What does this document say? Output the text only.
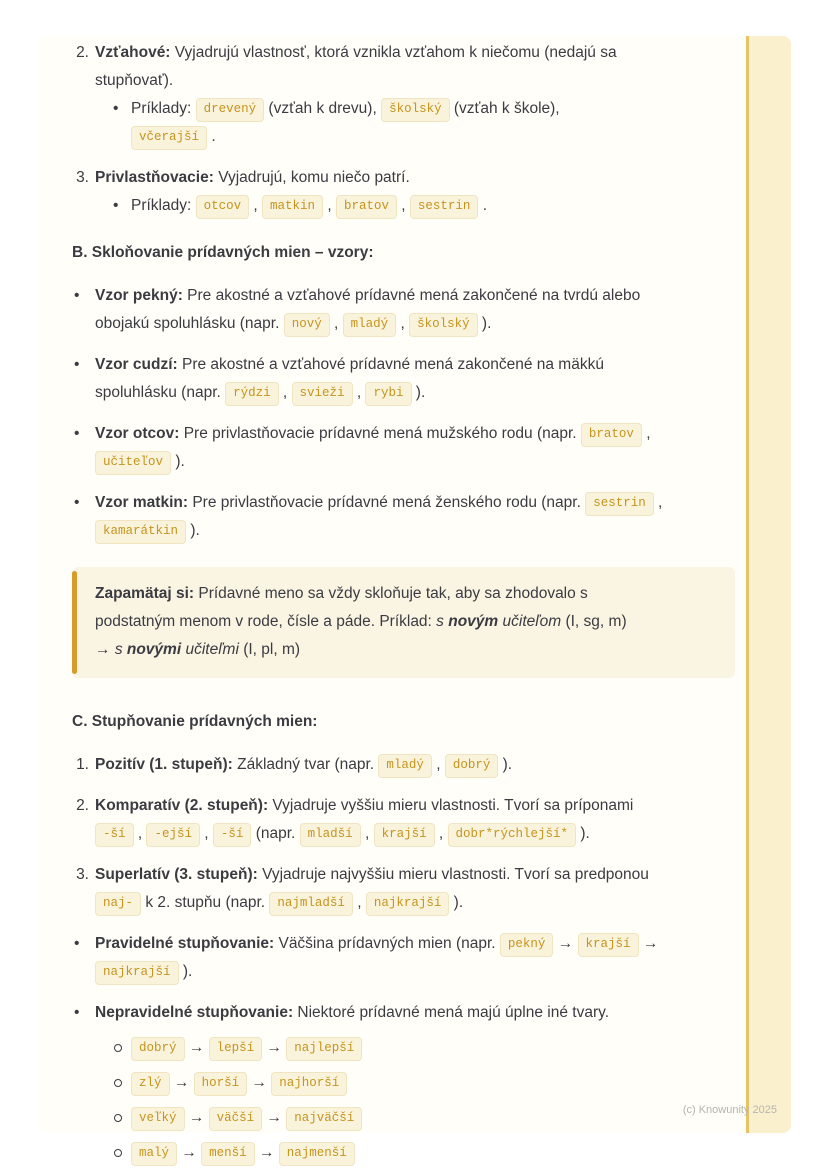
2. Vzťahové: Vyjadrujú vlastnosť, ktorá vznikla vzťahom k niečomu (nedajú sa stupňovať).
• Príklady: drevený (vzťah k drevu), školský (vzťah k škole), včerajší .
3. Privlastňovacie: Vyjadrujú, komu niečo patrí.
• Príklady: otcov , matkin , bratov , sestrin .
B. Skloňovanie prídavných mien – vzory:
• Vzor pekný: Pre akostné a vzťahové prídavné mená zakončené na tvrdú alebo obojakú spoluhlásku (napr. nový , mladý , školský ).
• Vzor cudzí: Pre akostné a vzťahové prídavné mená zakončené na mäkkú spoluhlásku (napr. rýdzi , svieži , rybi ).
• Vzor otcov: Pre privlastňovacie prídavné mená mužského rodu (napr. bratov , učiteľov ).
• Vzor matkin: Pre privlastňovacie prídavné mená ženského rodu (napr. sestrin , kamarátkin ).
Zapamätaj si: Prídavné meno sa vždy skloňuje tak, aby sa zhodovalo s podstatným menom v rode, čísle a páde. Príklad: s novým učiteľom (I, sg, m) → s novými učiteľmi (I, pl, m)
C. Stupňovanie prídavných mien:
1. Pozitív (1. stupeň): Základný tvar (napr. mladý , dobrý ).
2. Komparatív (2. stupeň): Vyjadruje vyššiu mieru vlastnosti. Tvorí sa príponami -ší , -ejší , -ší (napr. mladší , krajší , dobr*rýchlejší* ).
3. Superlatív (3. stupeň): Vyjadruje najvyššiu mieru vlastnosti. Tvorí sa predponou naj- k 2. stupňu (napr. najmladší , najkrajší ).
• Pravidelné stupňovanie: Väčšina prídavných mien (napr. pekný → krajší → najkrajší ).
• Nepravidelné stupňovanie: Niektoré prídavné mená majú úplne iné tvary.
dobrý → lepší → najlepší
zlý → horší → najhorší
veľký → väčší → najväčší
malý → menší → najmenší
(c) Knowunity 2025
